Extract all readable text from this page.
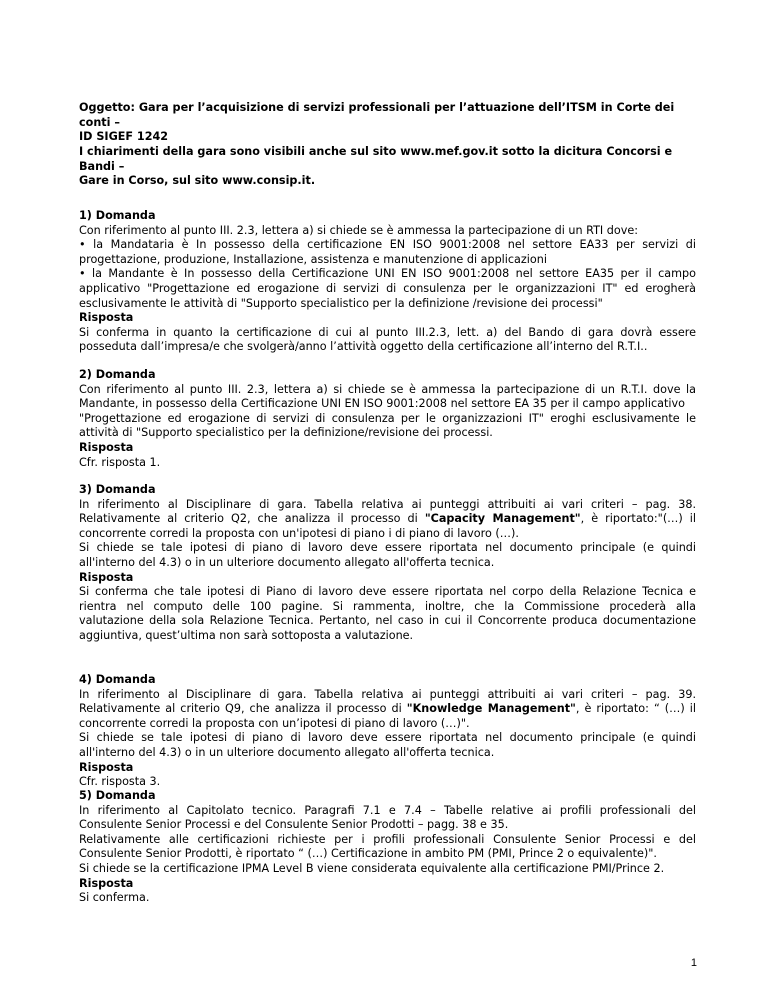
Oggetto: Gara per l’acquisizione di servizi professionali per l’attuazione dell’ITSM in Corte dei conti –

ID SIGEF 1242

I chiarimenti della gara sono visibili anche sul sito www.mef.gov.it sotto la dicitura Concorsi e Bandi –

Gare in Corso, sul sito www.consip.it.

1) Domanda

Con riferimento al punto III. 2.3, lettera a) si chiede se è ammessa la partecipazione di un RTI dove:

• la Mandataria è In possesso della certificazione EN ISO 9001:2008 nel settore EA33 per servizi di

progettazione, produzione, Installazione, assistenza e manutenzione di applicazioni

• la Mandante è In possesso della Certificazione UNI EN ISO 9001:2008 nel settore EA35 per il campo

applicativo "Progettazione ed erogazione di servizi di consulenza per le organizzazioni IT" ed erogherà

esclusivamente le attività di "Supporto specialistico per la definizione /revisione dei processi"

Risposta

Si conferma in quanto la certificazione di cui al punto III.2.3, lett. a) del Bando di gara dovrà essere

posseduta dall’impresa/e che svolgerà/anno l’attività oggetto della certificazione all’interno del R.T.I..

2) Domanda

Con riferimento al punto III. 2.3, lettera a) si chiede se è ammessa la partecipazione di un R.T.I. dove la

Mandante, in possesso della Certificazione UNI EN ISO 9001:2008 nel settore EA 35 per il campo applicativo

"Progettazione ed erogazione di servizi di consulenza per le organizzazioni IT" eroghi esclusivamente le

attività di "Supporto specialistico per la definizione/revisione dei processi.

Risposta

Cfr. risposta 1.

3) Domanda

In riferimento al Disciplinare di gara. Tabella relativa ai punteggi attribuiti ai vari criteri – pag. 38.

Relativamente al criterio Q2, che analizza il processo di "Capacity Management", è riportato:"(…) il

concorrente corredi la proposta con un'ipotesi di piano i di piano di lavoro (…).

Si chiede se tale ipotesi di piano di lavoro deve essere riportata nel documento principale (e quindi

all'interno del 4.3) o in un ulteriore documento allegato all'offerta tecnica.

Risposta

Si conferma che tale ipotesi di Piano di lavoro deve essere riportata nel corpo della Relazione Tecnica e

rientra nel computo delle 100 pagine. Si rammenta, inoltre, che la Commissione procederà alla

valutazione della sola Relazione Tecnica. Pertanto, nel caso in cui il Concorrente produca documentazione

aggiuntiva, quest’ultima non sarà sottoposta a valutazione.

4) Domanda

In riferimento al Disciplinare di gara. Tabella relativa ai punteggi attribuiti ai vari criteri – pag. 39.

Relativamente al criterio Q9, che analizza il processo di "Knowledge Management", è riportato: “ (…) il

concorrente corredi la proposta con un’ipotesi di piano di lavoro (…)".

Si chiede se tale ipotesi di piano di lavoro deve essere riportata nel documento principale (e quindi

all'interno del 4.3) o in un ulteriore documento allegato all'offerta tecnica.

Risposta

Cfr. risposta 3.

5) Domanda

In riferimento al Capitolato tecnico. Paragrafi 7.1 e 7.4 – Tabelle relative ai profili professionali del

Consulente Senior Processi e del Consulente Senior Prodotti – pagg. 38 e 35.

Relativamente alle certificazioni richieste per i profili professionali Consulente Senior Processi e del

Consulente Senior Prodotti, è riportato “ (…) Certificazione in ambito PM (PMI, Prince 2 o equivalente)".

Si chiede se la certificazione IPMA Level B viene considerata equivalente alla certificazione PMI/Prince 2.

Risposta

Si conferma.

1
